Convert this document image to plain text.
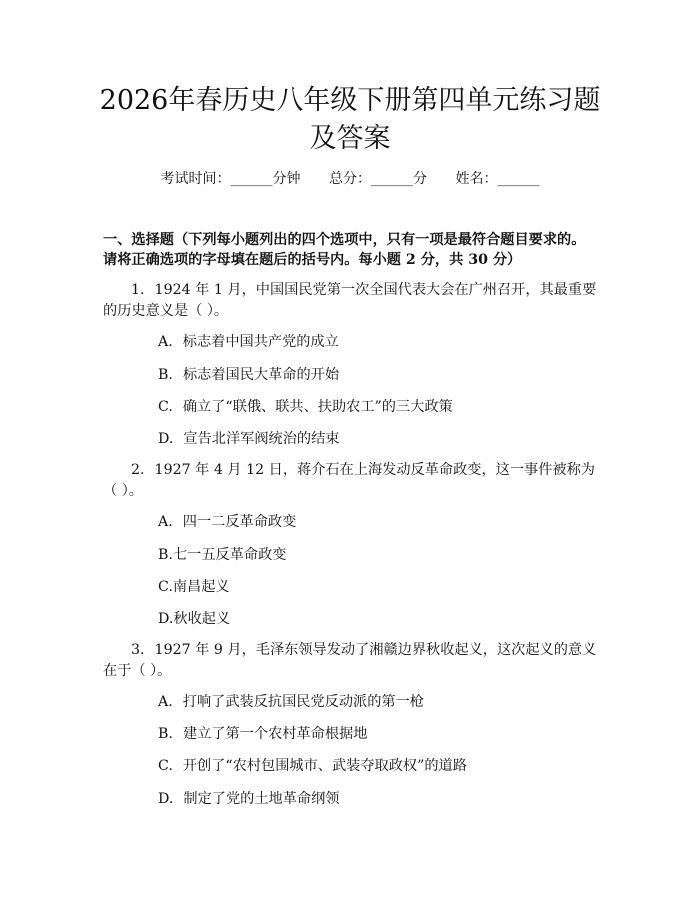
2026年春历史八年级下册第四单元练习题及答案
考试时间：______分钟 总分：______分 姓名：______
一、选择题（下列每小题列出的四个选项中，只有一项是最符合题目要求的。请将正确选项的字母填在题后的括号内。每小题 2 分，共 30 分）
1. 1924 年 1 月，中国国民党第一次全国代表大会在广州召开，其最重要的历史意义是（ ）。
A. 标志着中国共产党的成立
B. 标志着国民大革命的开始
C. 确立了“联俄、联共、扶助农工”的三大政策
D. 宣告北洋军阀统治的结束
2. 1927 年 4 月 12 日，蒋介石在上海发动反革命政变，这一事件被称为（ ）。
A. 四一二反革命政变
B.七一五反革命政变
C.南昌起义
D.秋收起义
3. 1927 年 9 月，毛泽东领导发动了湘赣边界秋收起义，这次起义的意义在于（ ）。
A. 打响了武装反抗国民党反动派的第一枪
B. 建立了第一个农村革命根据地
C. 开创了“农村包围城市、武装夺取政权”的道路
D. 制定了党的土地革命纲领
